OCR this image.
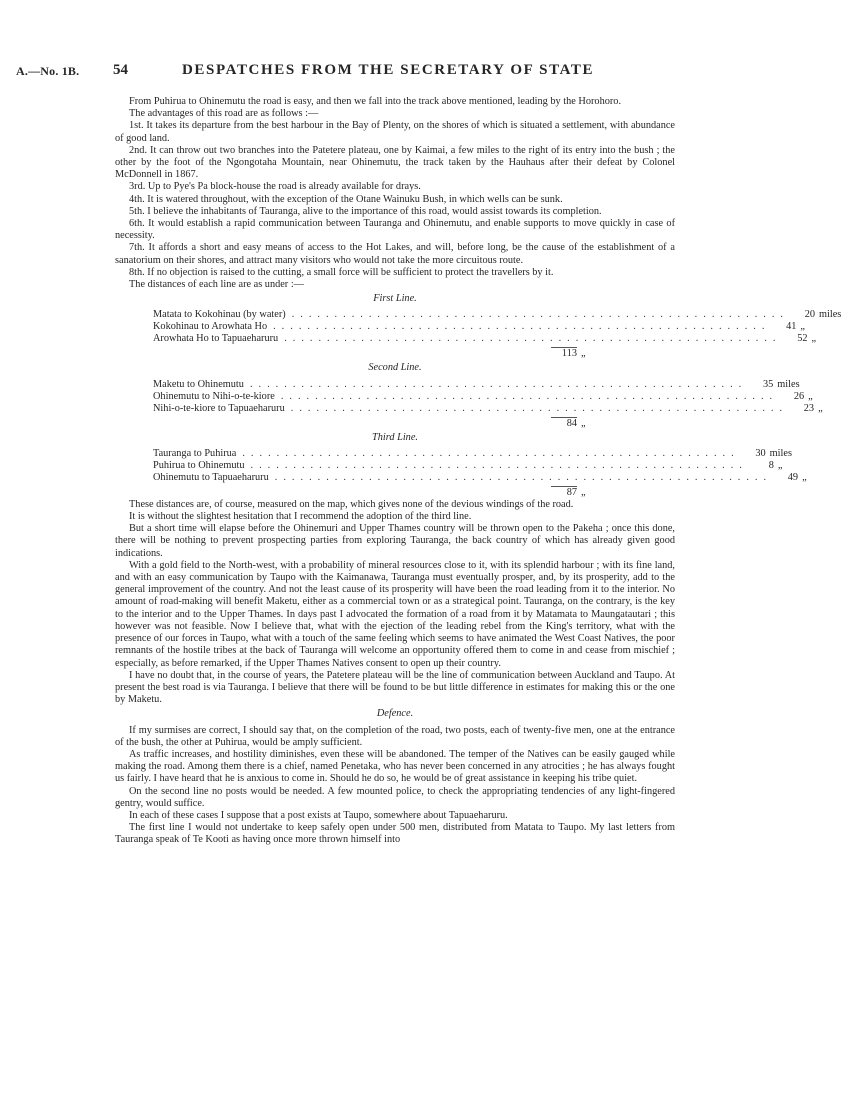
A.—No. 1B. 54	DESPATCHES FROM THE SECRETARY OF STATE

From Puhirua to Ohinemutu the road is easy, and then we fall into the track above mentioned, leading by the Horohoro.

The advantages of this road are as follows :—

1st. It takes its departure from the best harbour in the Bay of Plenty, on the shores of which is situated a settlement, with abundance of good land.

2nd. It can throw out two branches into the Patetere plateau, one by Kaimai, a few miles to the right of its entry into the bush ; the other by the foot of the Ngongotaha Mountain, near Ohinemutu, the track taken by the Hauhaus after their defeat by Colonel McDonnell in 1867.

3rd. Up to Pye's Pa block-house the road is already available for drays.

4th. It is watered throughout, with the exception of the Otane Wainuku Bush, in which wells can be sunk.

5th. I believe the inhabitants of Tauranga, alive to the importance of this road, would assist towards its completion.

6th. It would establish a rapid communication between Tauranga and Ohinemutu, and enable supports to move quickly in case of necessity.

7th. It affords a short and easy means of access to the Hot Lakes, and will, before long, be the cause of the establishment of a sanatorium on their shores, and attract many visitors who would not take the more circuitous route.

8th. If no objection is raised to the cutting, a small force will be sufficient to protect the travellers by it.

The distances of each line are as under :—

First Line.
Matata to Kokohinau (by water) ..........................................................	20 miles
Kokohinau to Arowhata Ho ..........................................................	41 „
Arowhata Ho to Tapuaeharuru ..........................................................	52 „
113 „
Second Line.
Maketu to Ohinemutu ..........................................................	35 miles
Ohinemutu to Nihi-o-te-kiore ..........................................................	26 „
Nihi-o-te-kiore to Tapuaeharuru ..........................................................	23 „
84 „
Third Line.
Tauranga to Puhirua ..........................................................	30 miles
Puhirua to Ohinemutu ..........................................................	8 „
Ohinemutu to Tapuaeharuru ..........................................................	49 „
87 „

These distances are, of course, measured on the map, which gives none of the devious windings of the road.

It is without the slightest hesitation that I recommend the adoption of the third line.

But a short time will elapse before the Ohinemuri and Upper Thames country will be thrown open to the Pakeha ; once this done, there will be nothing to prevent prospecting parties from exploring Tauranga, the back country of which has already given good indications.

With a gold field to the North-west, with a probability of mineral resources close to it, with its splendid harbour ; with its fine land, and with an easy communication by Taupo with the Kaimanawa, Tauranga must eventually prosper, and, by its prosperity, add to the general improvement of the country. And not the least cause of its prosperity will have been the road leading from it to the interior. No amount of road-making will benefit Maketu, either as a commercial town or as a strategical point. Tauranga, on the contrary, is the key to the interior and to the Upper Thames. In days past I advocated the formation of a road from it by Matamata to Maungatautari ; this however was not feasible. Now I believe that, what with the ejection of the leading rebel from the King's territory, what with the presence of our forces in Taupo, what with a touch of the same feeling which seems to have animated the West Coast Natives, the poor remnants of the hostile tribes at the back of Tauranga will welcome an opportunity offered them to come in and cease from mischief ; especially, as before remarked, if the Upper Thames Natives consent to open up their country.

I have no doubt that, in the course of years, the Patetere plateau will be the line of communication between Auckland and Taupo. At present the best road is via Tauranga. I believe that there will be found to be but little difference in estimates for making this or the one by Maketu.

Defence.

If my surmises are correct, I should say that, on the completion of the road, two posts, each of twenty-five men, one at the entrance of the bush, the other at Puhirua, would be amply sufficient.

As traffic increases, and hostility diminishes, even these will be abandoned. The temper of the Natives can be easily gauged while making the road. Among them there is a chief, named Penetaka, who has never been concerned in any atrocities ; he has always fought us fairly. I have heard that he is anxious to come in. Should he do so, he would be of great assistance in keeping his tribe quiet.

On the second line no posts would be needed. A few mounted police, to check the appropriating tendencies of any light-fingered gentry, would suffice.

In each of these cases I suppose that a post exists at Taupo, somewhere about Tapuaeharuru.

The first line I would not undertake to keep safely open under 500 men, distributed from Matata to Taupo. My last letters from Tauranga speak of Te Kooti as having once more thrown himself into
